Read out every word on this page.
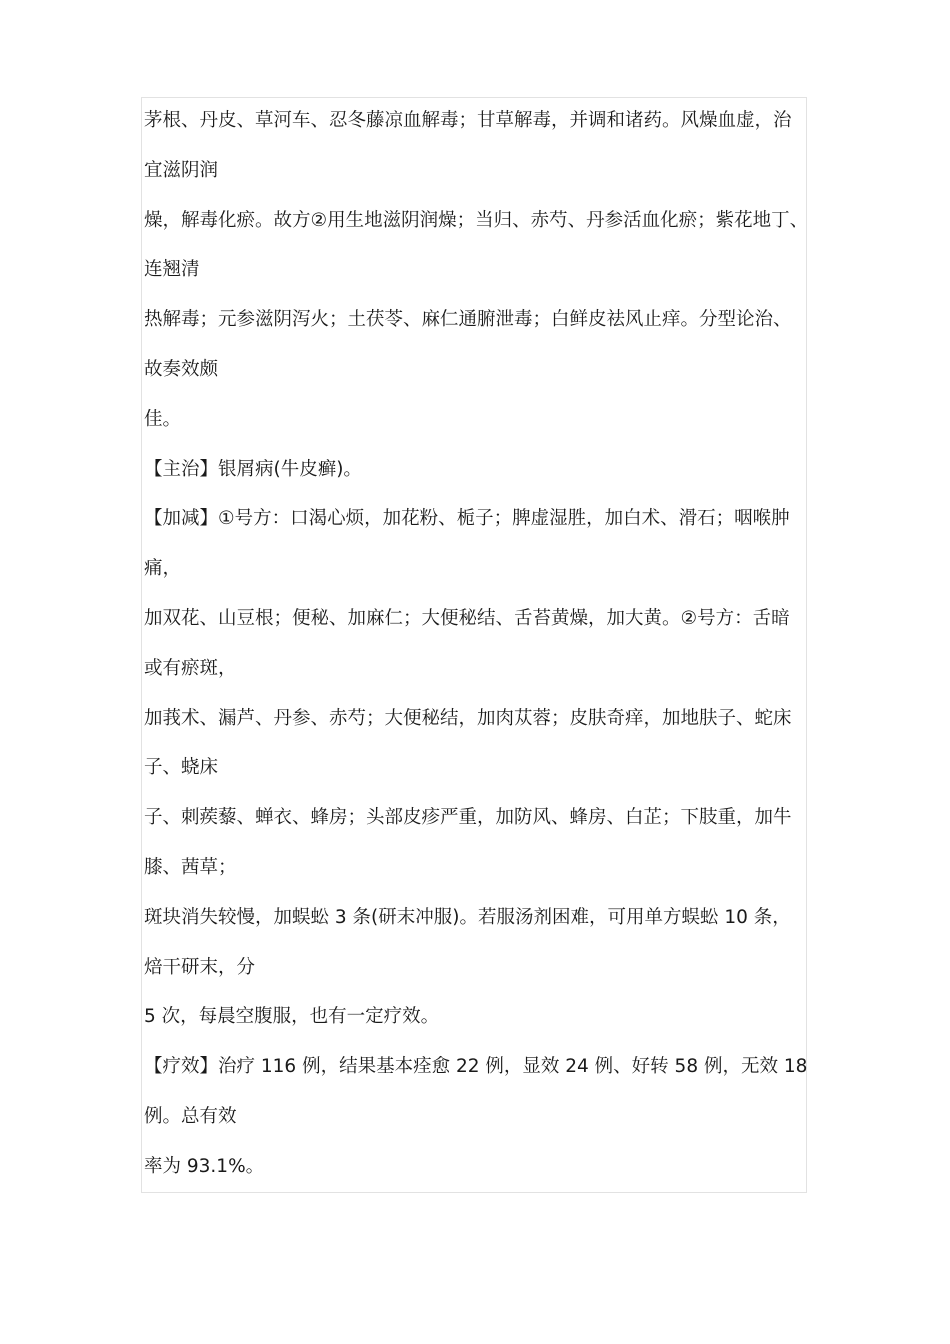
茅根、丹皮、草河车、忍冬藤凉血解毒；甘草解毒，并调和诸药。风燥血虚，治
宜滋阴润
燥，解毒化瘀。故方②用生地滋阴润燥；当归、赤芍、丹参活血化瘀；紫花地丁、
连翘清
热解毒；元参滋阴泻火；土茯苓、麻仁通腑泄毒；白鲜皮祛风止痒。分型论治、
故奏效颇
佳。
【主治】银屑病(牛皮癣)。
【加减】①号方：口渴心烦，加花粉、栀子；脾虚湿胜，加白术、滑石；咽喉肿
痛，
加双花、山豆根；便秘、加麻仁；大便秘结、舌苔黄燥，加大黄。②号方：舌暗
或有瘀斑，
加莪术、漏芦、丹参、赤芍；大便秘结，加肉苁蓉；皮肤奇痒，加地肤子、蛇床
子、蛲床
子、刺蒺藜、蝉衣、蜂房；头部皮疹严重，加防风、蜂房、白芷；下肢重，加牛
膝、茜草；
斑块消失较慢，加蜈蚣 3 条(研末冲服)。若服汤剂困难，可用单方蜈蚣 10 条，
焙干研末，分
5 次，每晨空腹服，也有一定疗效。
【疗效】治疗 116 例，结果基本痊愈 22 例，显效 24 例、好转 58 例，无效 18
例。总有效
率为 93.1%。
